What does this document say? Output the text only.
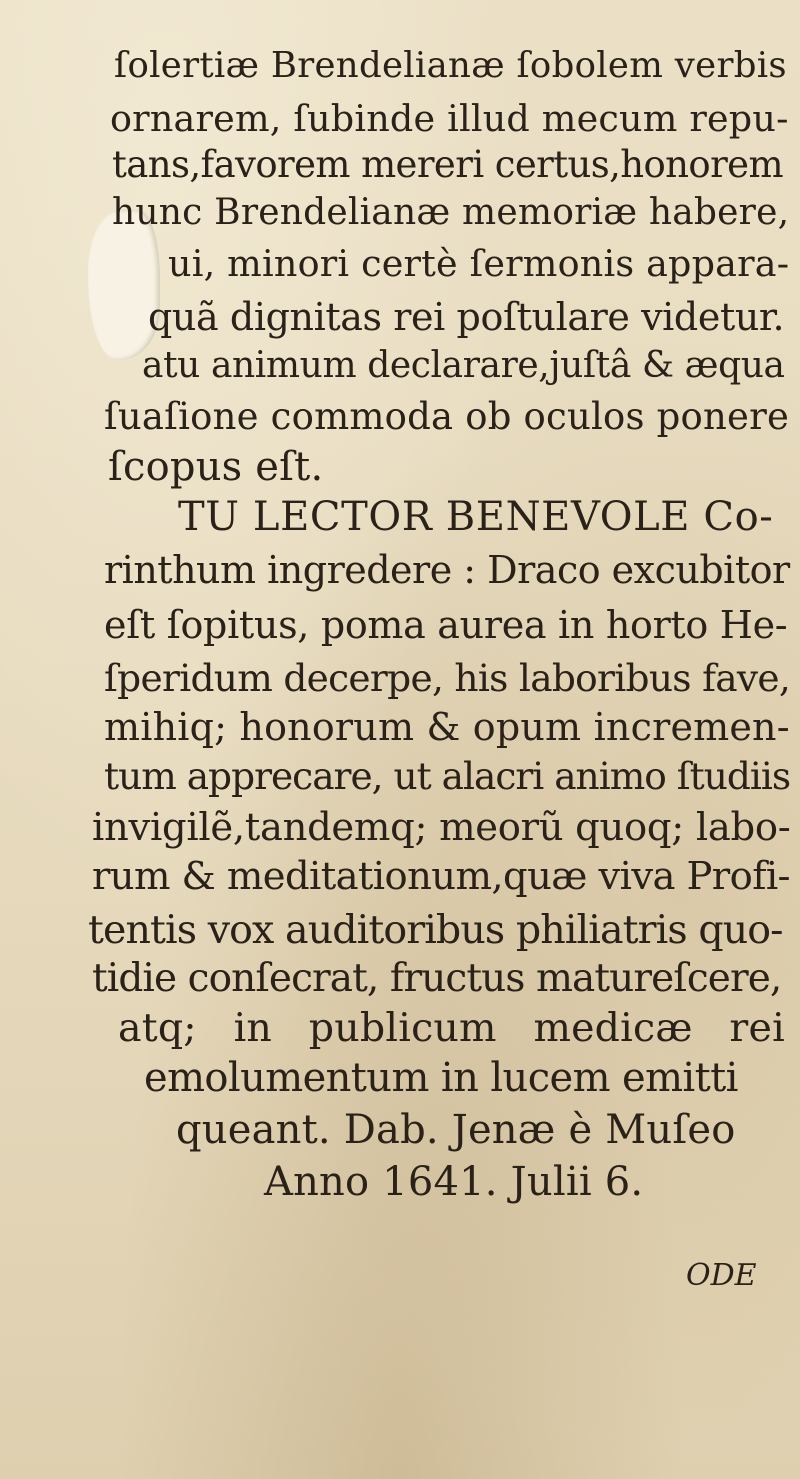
ſolertiæ Brendelianæ ſobolem verbis
ornarem, ſubinde illud mecum repu-
tans,favorem mereri certus,honorem
hunc Brendelianæ memoriæ habere,
ui, minori certè ſermonis appara-
quã dignitas rei poſtulare videtur.
atu animum declarare,juſtâ & æqua
ſuaſione commoda ob oculos ponere
ſcopus eſt.
TU LECTOR BENEVOLE Co-
rinthum ingredere : Draco excubitor
eſt ſopitus, poma aurea in horto He-
ſperidum decerpe, his laboribus fave,
mihiq; honorum & opum incremen-
tum apprecare, ut alacri animo ſtudiis
invigilẽ,tandemq; meorũ quoq; labo-
rum & meditationum,quæ viva Profi-
tentis vox auditoribus philiatris quo-
tidie conſecrat, fructus matureſcere,
atq; in publicum medicæ rei
emolumentum in lucem emitti
queant. Dab. Jenæ è Muſeo
Anno 1641. Julii 6.
ODE
